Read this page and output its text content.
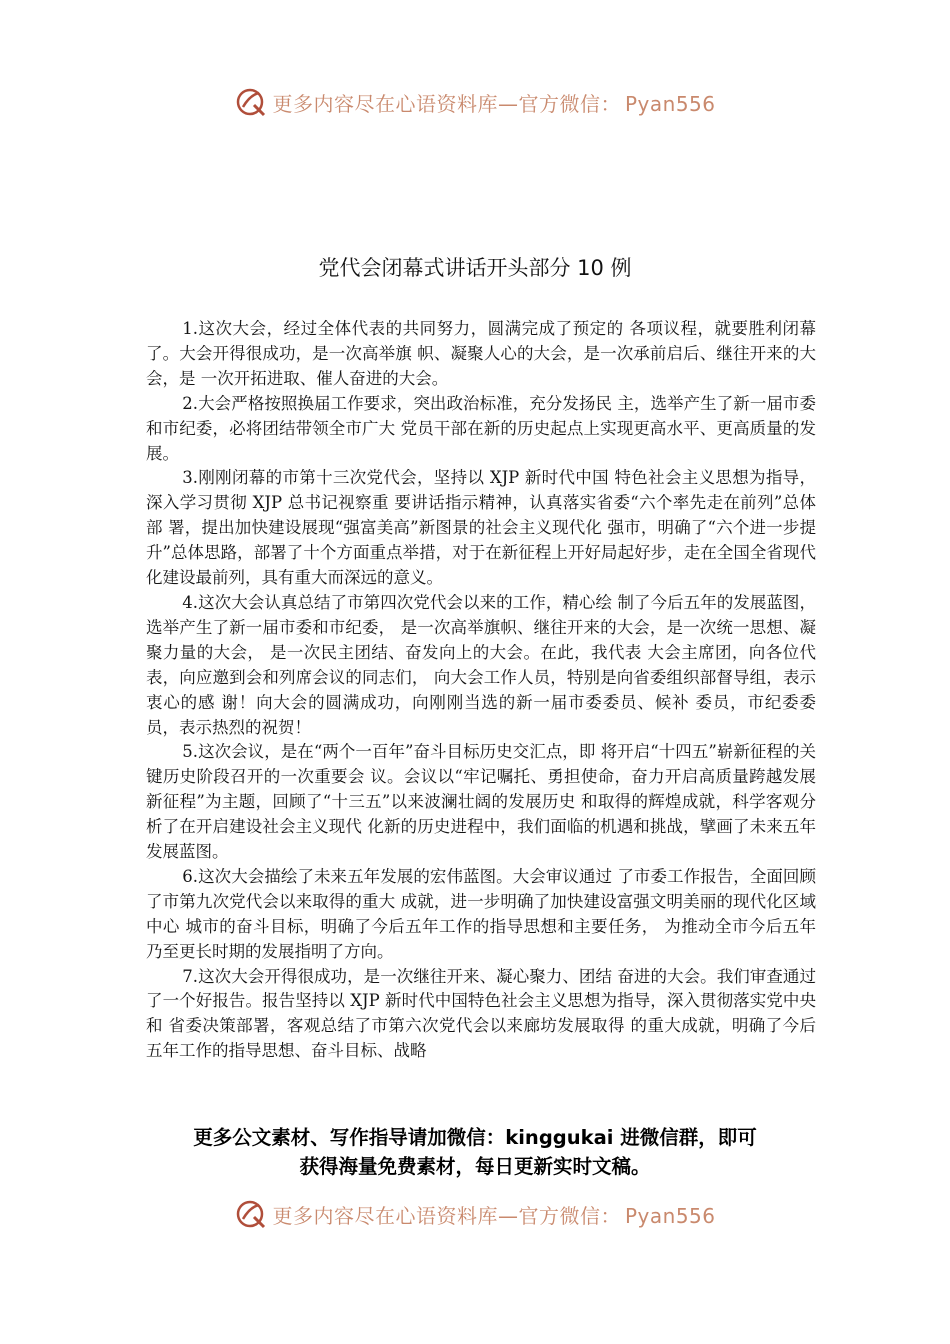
更多内容尽在心语资料库—官方微信： Pyan556
党代会闭幕式讲话开头部分 10 例

1.这次大会，经过全体代表的共同努力，圆满完成了预定的 各项议程，就要胜利闭幕了。大会开得很成功，是一次高举旗 帜、凝聚人心的大会，是一次承前启后、继往开来的大会，是 一次开拓进取、催人奋进的大会。

2.大会严格按照换届工作要求，突出政治标准，充分发扬民 主，选举产生了新一届市委和市纪委，必将团结带领全市广大 党员干部在新的历史起点上实现更高水平、更高质量的发展。

3.刚刚闭幕的市第十三次党代会，坚持以 XJP 新时代中国 特色社会主义思想为指导，深入学习贯彻 XJP 总书记视察重 要讲话指示精神，认真落实省委“六个率先走在前列”总体部 署，提出加快建设展现“强富美高”新图景的社会主义现代化 强市，明确了“六个进一步提升”总体思路，部署了十个方面重点举措，对于在新征程上开好局起好步，走在全国全省现代 化建设最前列，具有重大而深远的意义。

4.这次大会认真总结了市第四次党代会以来的工作，精心绘 制了今后五年的发展蓝图，选举产生了新一届市委和市纪委， 是一次高举旗帜、继往开来的大会，是一次统一思想、凝聚力量的大会， 是一次民主团结、奋发向上的大会。在此，我代表 大会主席团，向各位代表，向应邀到会和列席会议的同志们， 向大会工作人员，特别是向省委组织部督导组，表示衷心的感 谢！向大会的圆满成功，向刚刚当选的新一届市委委员、候补 委员，市纪委委员，表示热烈的祝贺！

5.这次会议，是在“两个一百年”奋斗目标历史交汇点，即 将开启“十四五”崭新征程的关键历史阶段召开的一次重要会 议。会议以“牢记嘱托、勇担使命，奋力开启高质量跨越发展 新征程”为主题，回顾了“十三五”以来波澜壮阔的发展历史 和取得的辉煌成就，科学客观分析了在开启建设社会主义现代 化新的历史进程中，我们面临的机遇和挑战，擘画了未来五年 发展蓝图。

6.这次大会描绘了未来五年发展的宏伟蓝图。大会审议通过 了市委工作报告，全面回顾了市第九次党代会以来取得的重大 成就，进一步明确了加快建设富强文明美丽的现代化区域中心 城市的奋斗目标，明确了今后五年工作的指导思想和主要任务， 为推动全市今后五年乃至更长时期的发展指明了方向。

7.这次大会开得很成功，是一次继往开来、凝心聚力、团结 奋进的大会。我们审查通过了一个好报告。报告坚持以 XJP 新时代中国特色社会主义思想为指导，深入贯彻落实党中央和 省委决策部署，客观总结了市第六次党代会以来廊坊发展取得 的重大成就，明确了今后五年工作的指导思想、奋斗目标、战略

更多公文素材、写作指导请加微信：kinggukai 进微信群，即可
获得海量免费素材，每日更新实时文稿。
更多内容尽在心语资料库—官方微信： Pyan556
